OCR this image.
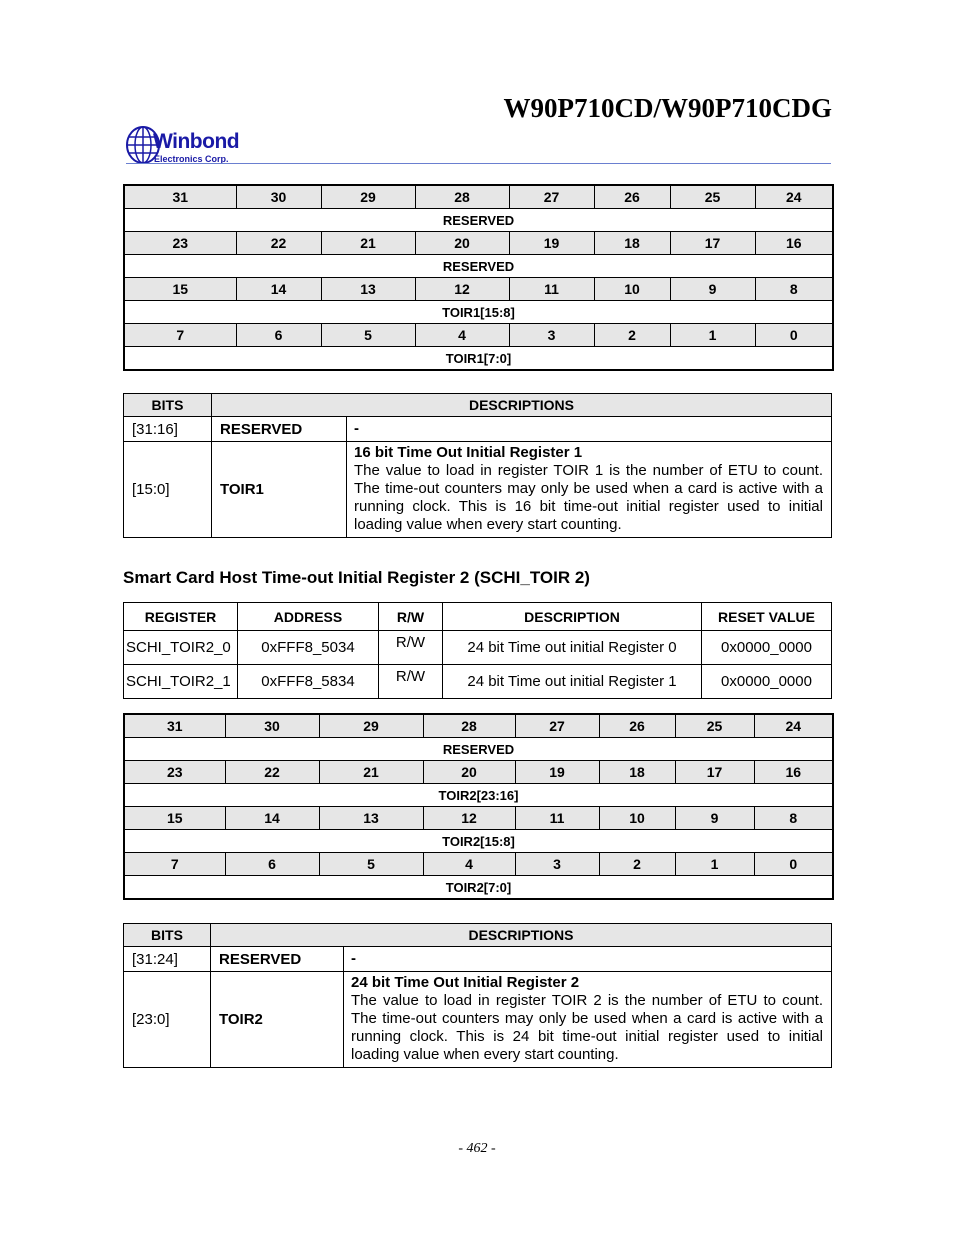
W90P710CD/W90P710CDG
Winbond
Electronics Corp.
31	30	29	28	27	26	25	24
RESERVED							
23	22	21	20	19	18	17	16
RESERVED							
15	14	13	12	11	10	9	8
TOIR1[15:8]							
7	6	5	4	3	2	1	0
TOIR1[7:0]							
BITS	DESCRIPTIONS	
[31:16]	RESERVED	-
[15:0]	TOIR1	16 bit Time Out Initial Register 1
The value to load in register TOIR 1 is the number of ETU to count. The time-out counters may only be used when a card is active with a running clock. This is 16 bit time-out initial register used to initial loading value when every start counting.
Smart Card Host Time-out Initial Register 2 (SCHI_TOIR 2)
REGISTER	ADDRESS	R/W	DESCRIPTION	RESET VALUE
SCHI_TOIR2_0	0xFFF8_5034	R/W	24 bit Time out initial Register 0	0x0000_0000
SCHI_TOIR2_1	0xFFF8_5834	R/W	24 bit Time out initial Register 1	0x0000_0000
31	30	29	28	27	26	25	24
RESERVED							
23	22	21	20	19	18	17	16
TOIR2[23:16]							
15	14	13	12	11	10	9	8
TOIR2[15:8]							
7	6	5	4	3	2	1	0
TOIR2[7:0]							
BITS	DESCRIPTIONS	
[31:24]	RESERVED	-
[23:0]	TOIR2	24 bit Time Out Initial Register 2
The value to load in register TOIR 2 is the number of ETU to count. The time-out counters may only be used when a card is active with a running clock. This is 24 bit time-out initial register used to initial loading value when every start counting.
- 462 -
